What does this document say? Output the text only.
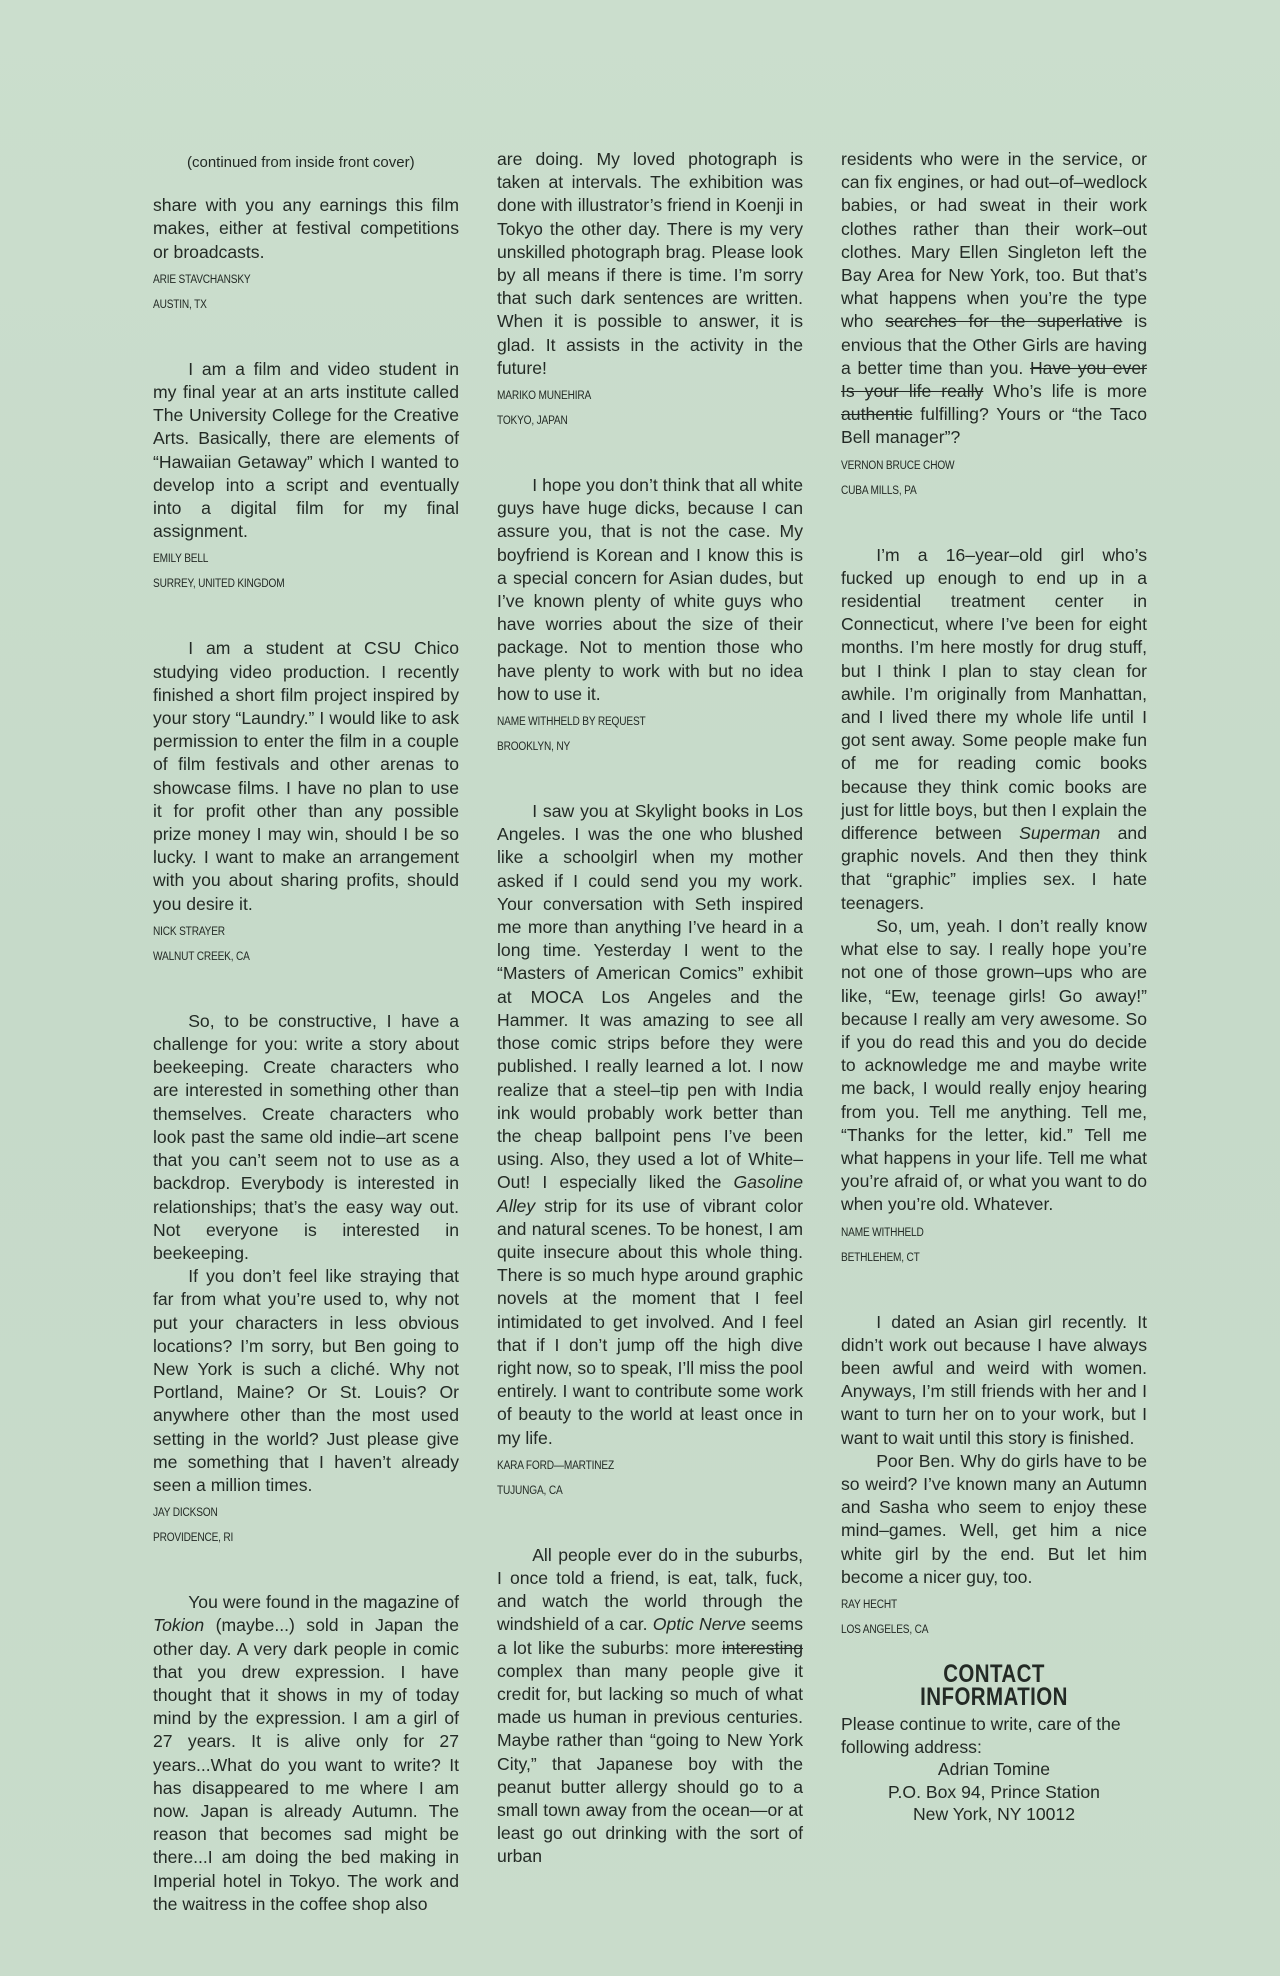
(continued from inside front cover)

share with you any earnings this film makes, either at festival competitions or broadcasts.

ARIE STAVCHANSKY
AUSTIN, TX

I am a film and video student in my final year at an arts institute called The University College for the Creative Arts. Basically, there are elements of “Hawaiian Getaway” which I wanted to develop into a script and eventually into a digital film for my final assignment.

EMILY BELL
SURREY, UNITED KINGDOM

I am a student at CSU Chico studying video production. I recently finished a short film project inspired by your story “Laundry.” I would like to ask permission to enter the film in a couple of film festivals and other arenas to showcase films. I have no plan to use it for profit other than any possible prize money I may win, should I be so lucky. I want to make an arrangement with you about sharing profits, should you desire it.

NICK STRAYER
WALNUT CREEK, CA

So, to be constructive, I have a challenge for you: write a story about beekeeping. Create characters who are interested in something other than themselves. Create characters who look past the same old indie–art scene that you can’t seem not to use as a backdrop. Everybody is interested in relationships; that’s the easy way out. Not everyone is interested in beekeeping.

If you don’t feel like straying that far from what you’re used to, why not put your characters in less obvious locations? I’m sorry, but Ben going to New York is such a cliché. Why not Portland, Maine? Or St. Louis? Or anywhere other than the most used setting in the world? Just please give me something that I haven’t already seen a million times.

JAY DICKSON
PROVIDENCE, RI

You were found in the magazine of Tokion (maybe...) sold in Japan the other day. A very dark people in comic that you drew expression. I have thought that it shows in my of today mind by the expression. I am a girl of 27 years. It is alive only for 27 years...What do you want to write? It has disappeared to me where I am now. Japan is already Autumn. The reason that becomes sad might be there...I am doing the bed making in Imperial hotel in Tokyo. The work and the waitress in the coffee shop also

are doing. My loved photograph is taken at intervals. The exhibition was done with illustrator’s friend in Koenji in Tokyo the other day. There is my very unskilled photograph brag. Please look by all means if there is time. I’m sorry that such dark sentences are written. When it is possible to answer, it is glad. It assists in the activity in the future!

MARIKO MUNEHIRA
TOKYO, JAPAN

I hope you don’t think that all white guys have huge dicks, because I can assure you, that is not the case. My boyfriend is Korean and I know this is a special concern for Asian dudes, but I’ve known plenty of white guys who have worries about the size of their package. Not to mention those who have plenty to work with but no idea how to use it.

NAME WITHHELD BY REQUEST
BROOKLYN, NY

I saw you at Skylight books in Los Angeles. I was the one who blushed like a schoolgirl when my mother asked if I could send you my work. Your conversation with Seth inspired me more than anything I’ve heard in a long time. Yesterday I went to the “Masters of American Comics” exhibit at MOCA Los Angeles and the Hammer. It was amazing to see all those comic strips before they were published. I really learned a lot. I now realize that a steel–tip pen with India ink would probably work better than the cheap ballpoint pens I’ve been using. Also, they used a lot of White–Out! I especially liked the Gasoline Alley strip for its use of vibrant color and natural scenes. To be honest, I am quite insecure about this whole thing. There is so much hype around graphic novels at the moment that I feel intimidated to get involved. And I feel that if I don’t jump off the high dive right now, so to speak, I’ll miss the pool entirely. I want to contribute some work of beauty to the world at least once in my life.

KARA FORD—MARTINEZ
TUJUNGA, CA

All people ever do in the suburbs, I once told a friend, is eat, talk, fuck, and watch the world through the windshield of a car. Optic Nerve seems a lot like the suburbs: more interesting complex than many people give it credit for, but lacking so much of what made us human in previous centuries. Maybe rather than “going to New York City,” that Japanese boy with the peanut butter allergy should go to a small town away from the ocean—or at least go out drinking with the sort of urban

residents who were in the service, or can fix engines, or had out–of–wedlock babies, or had sweat in their work clothes rather than their work–out clothes. Mary Ellen Singleton left the Bay Area for New York, too. But that’s what happens when you’re the type who searches for the superlative is envious that the Other Girls are having a better time than you. Have you ever Is your life really Who’s life is more authentic fulfilling? Yours or “the Taco Bell manager”?

VERNON BRUCE CHOW
CUBA MILLS, PA

I’m a 16–year–old girl who’s fucked up enough to end up in a residential treatment center in Connecticut, where I’ve been for eight months. I’m here mostly for drug stuff, but I think I plan to stay clean for awhile. I’m originally from Manhattan, and I lived there my whole life until I got sent away. Some people make fun of me for reading comic books because they think comic books are just for little boys, but then I explain the difference between Superman and graphic novels. And then they think that “graphic” implies sex. I hate teenagers.

So, um, yeah. I don’t really know what else to say. I really hope you’re not one of those grown–ups who are like, “Ew, teenage girls! Go away!” because I really am very awesome. So if you do read this and you do decide to acknowledge me and maybe write me back, I would really enjoy hearing from you. Tell me anything. Tell me, “Thanks for the letter, kid.” Tell me what happens in your life. Tell me what you’re afraid of, or what you want to do when you’re old. Whatever.

NAME WITHHELD
BETHLEHEM, CT

I dated an Asian girl recently. It didn’t work out because I have always been awful and weird with women. Anyways, I’m still friends with her and I want to turn her on to your work, but I want to wait until this story is finished.

Poor Ben. Why do girls have to be so weird? I’ve known many an Autumn and Sasha who seem to enjoy these mind–games. Well, get him a nice white girl by the end. But let him become a nicer guy, too.

RAY HECHT
LOS ANGELES, CA
CONTACT INFORMATION
Please continue to write, care of the following address:
Adrian Tomine
P.O. Box 94, Prince Station
New York, NY 10012
